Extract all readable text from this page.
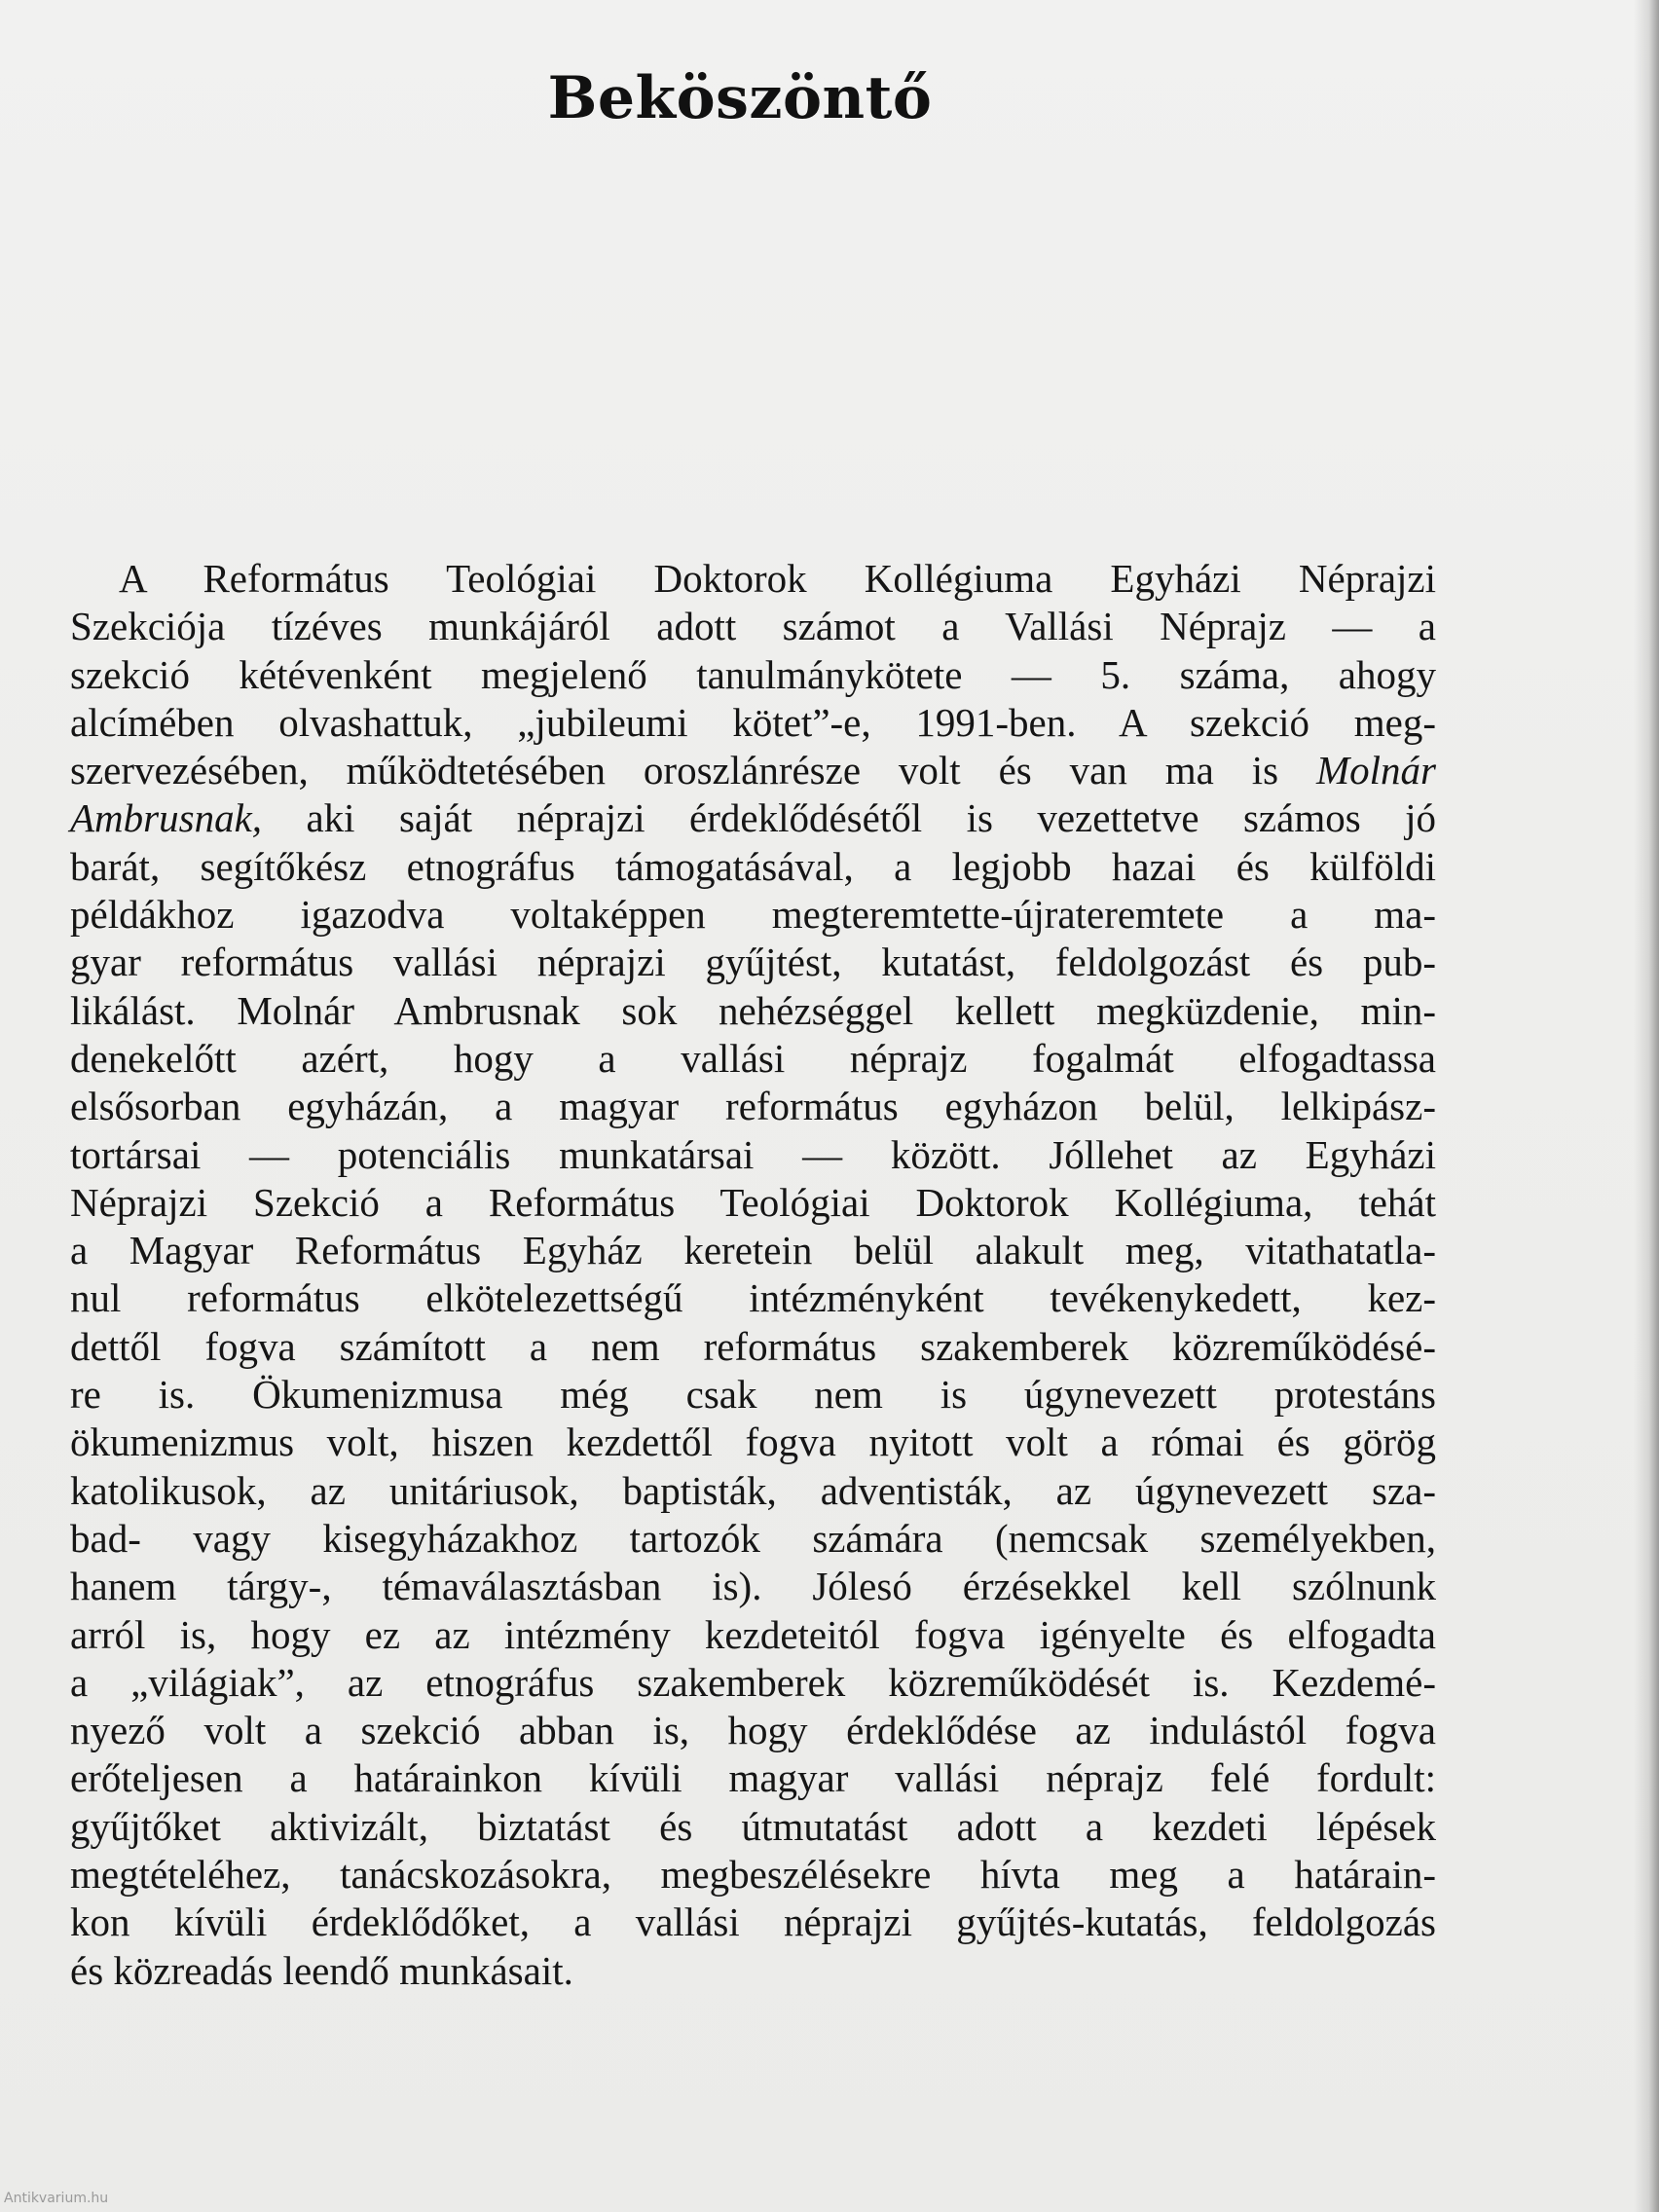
Beköszöntő
A Református Teológiai Doktorok Kollégiuma Egyházi Néprajzi
Szekciója tízéves munkájáról adott számot a Vallási Néprajz — a
szekció kétévenként megjelenő tanulmánykötete — 5. száma, ahogy
alcímében olvashattuk, „jubileumi kötet”-e, 1991-ben. A szekció meg-
szervezésében, működtetésében oroszlánrésze volt és van ma is Molnár
Ambrusnak, aki saját néprajzi érdeklődésétől is vezettetve számos jó
barát, segítőkész etnográfus támogatásával, a legjobb hazai és külföldi
példákhoz igazodva voltaképpen megteremtette-újrateremtete a ma-
gyar református vallási néprajzi gyűjtést, kutatást, feldolgozást és pub-
likálást. Molnár Ambrusnak sok nehézséggel kellett megküzdenie, min-
denekelőtt azért, hogy a vallási néprajz fogalmát elfogadtassa
elsősorban egyházán, a magyar református egyházon belül, lelkipász-
tortársai — potenciális munkatársai — között. Jóllehet az Egyházi
Néprajzi Szekció a Református Teológiai Doktorok Kollégiuma, tehát
a Magyar Református Egyház keretein belül alakult meg, vitathatatla-
nul református elkötelezettségű intézményként tevékenykedett, kez-
dettől fogva számított a nem református szakemberek közreműködésé-
re is. Ökumenizmusa még csak nem is úgynevezett protestáns
ökumenizmus volt, hiszen kezdettől fogva nyitott volt a római és görög
katolikusok, az unitáriusok, baptisták, adventisták, az úgynevezett sza-
bad- vagy kisegyházakhoz tartozók számára (nemcsak személyekben,
hanem tárgy-, témaválasztásban is). Jólesó érzésekkel kell szólnunk
arról is, hogy ez az intézmény kezdeteitól fogva igényelte és elfogadta
a „világiak”, az etnográfus szakemberek közreműködését is. Kezdemé-
nyező volt a szekció abban is, hogy érdeklődése az indulástól fogva
erőteljesen a határainkon kívüli magyar vallási néprajz felé fordult:
gyűjtőket aktivizált, biztatást és útmutatást adott a kezdeti lépések
megtételéhez, tanácskozásokra, megbeszélésekre hívta meg a határain-
kon kívüli érdeklődőket, a vallási néprajzi gyűjtés-kutatás, feldolgozás
és közreadás leendő munkásait.
Antikvarium.hu
